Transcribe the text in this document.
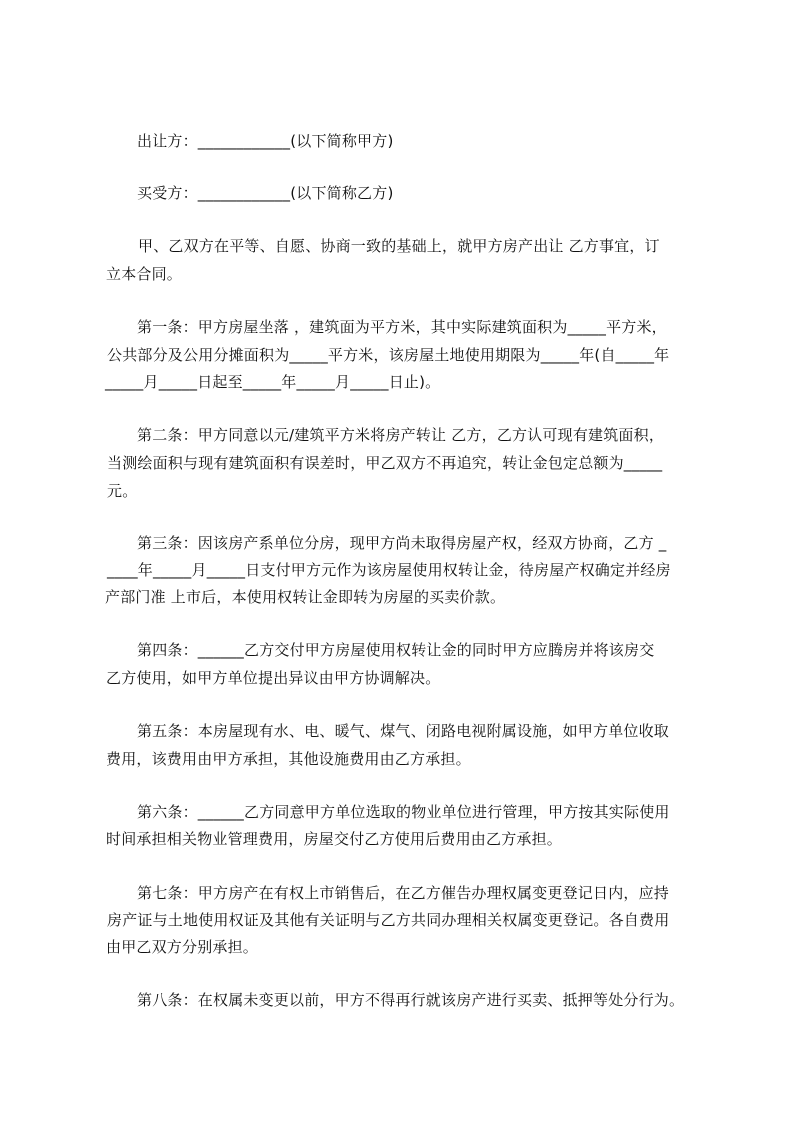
出让方：____________(以下简称甲方)
买受方：____________(以下简称乙方)
甲、乙双方在平等、自愿、协商一致的基础上，就甲方房产出让 乙方事宜，订
立本合同。
第一条：甲方房屋坐落 ，建筑面为平方米，其中实际建筑面积为_____平方米，
公共部分及公用分摊面积为_____平方米，该房屋土地使用期限为_____年(自_____年
_____月_____日起至_____年_____月_____日止)。
第二条：甲方同意以元/建筑平方米将房产转让 乙方，乙方认可现有建筑面积，
当测绘面积与现有建筑面积有误差时，甲乙双方不再追究，转让金包定总额为_____
元。
第三条：因该房产系单位分房，现甲方尚未取得房屋产权，经双方协商，乙方 _
____年_____月_____日支付甲方元作为该房屋使用权转让金，待房屋产权确定并经房
产部门准 上市后，本使用权转让金即转为房屋的买卖价款。
第四条：______乙方交付甲方房屋使用权转让金的同时甲方应腾房并将该房交
乙方使用，如甲方单位提出异议由甲方协调解决。
第五条：本房屋现有水、电、暖气、煤气、闭路电视附属设施，如甲方单位收取
费用，该费用由甲方承担，其他设施费用由乙方承担。
第六条：______乙方同意甲方单位选取的物业单位进行管理，甲方按其实际使用
时间承担相关物业管理费用，房屋交付乙方使用后费用由乙方承担。
第七条：甲方房产在有权上市销售后，在乙方催告办理权属变更登记日内，应持
房产证与土地使用权证及其他有关证明与乙方共同办理相关权属变更登记。各自费用
由甲乙双方分别承担。
第八条：在权属未变更以前，甲方不得再行就该房产进行买卖、抵押等处分行为。
